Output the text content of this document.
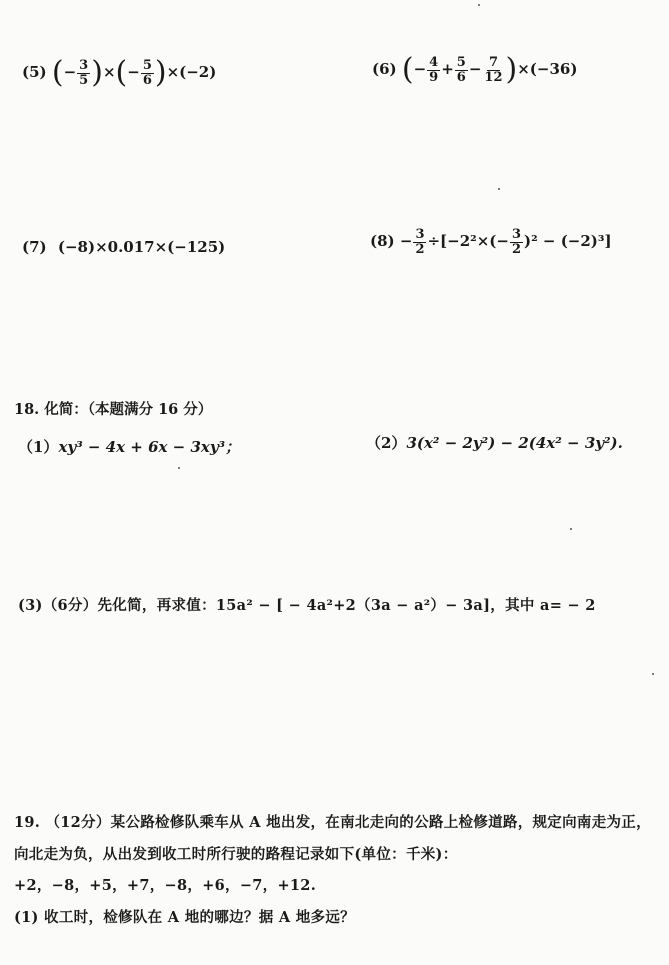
(5) (− $\frac{3}{5}$ )×(− $\frac{5}{6} )\times(-2)$	(6) (− $\frac{4}{9} + \frac{5}{6} - \frac{7}{12} )\times(-36)$
(7) (−8)×0.017×(−125)	$(8) - \frac{3}{2} \div[-2^2\times(- \frac{3}{2} )^2 - (-2)^3]$
18. 化简：（本题满分 16 分）
（1）xy³ − 4x + 6x − 3xy³；	（2）3(x² − 2y²) − 2(4x² − 3y²).
(3)（6分）先化简，再求值：15a² − [ − 4a²+2（3a − a²）− 3a]，其中 a= − 2
19. （12分）某公路检修队乘车从 A 地出发，在南北走向的公路上检修道路，规定向南走为正，
向北走为负，从出发到收工时所行驶的路程记录如下(单位：千米)：
+2，−8，+5，+7，−8，+6，−7，+12.
(1) 收工时，检修队在 A 地的哪边？据 A 地多远？
